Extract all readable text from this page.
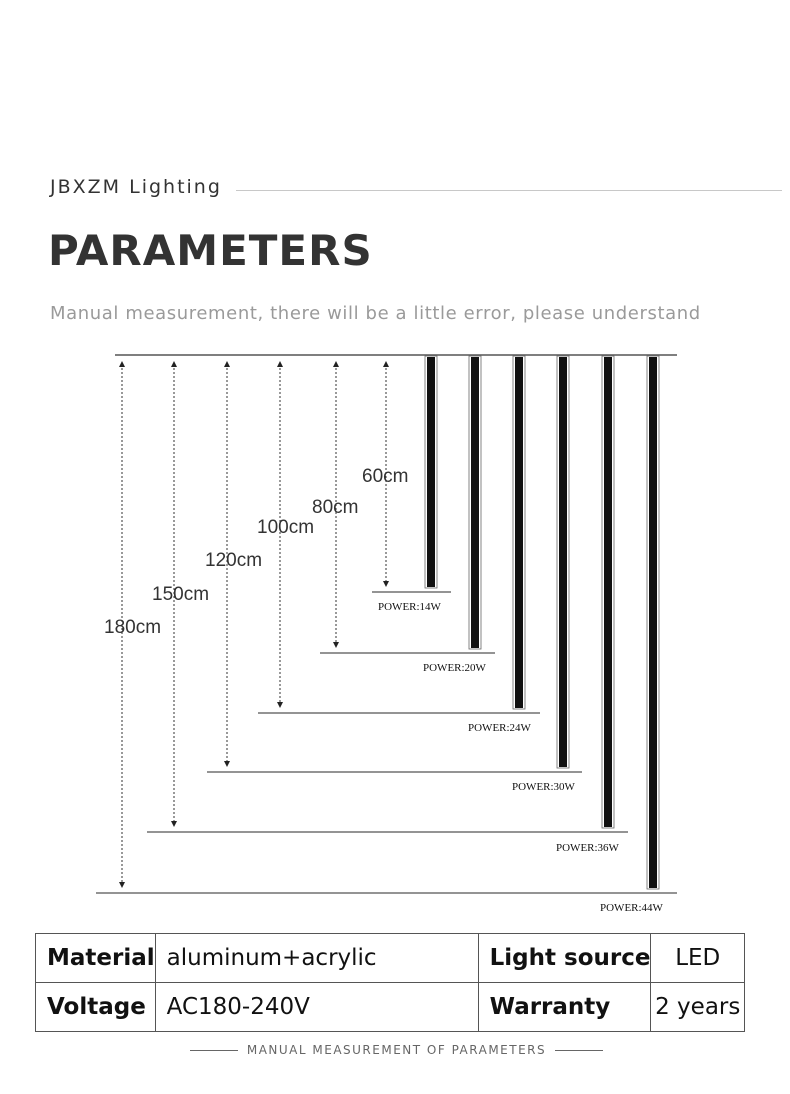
JBXZM Lighting
PARAMETERS
Manual measurement, there will be a little error, please understand
60cm
POWER:14W
80cm
POWER:20W
100cm
POWER:24W
120cm
POWER:30W
150cm
POWER:36W
180cm
POWER:44W
Material	aluminum+acrylic	Light source	LED
Voltage	AC180-240V	Warranty	2 years
MANUAL MEASUREMENT OF PARAMETERS
